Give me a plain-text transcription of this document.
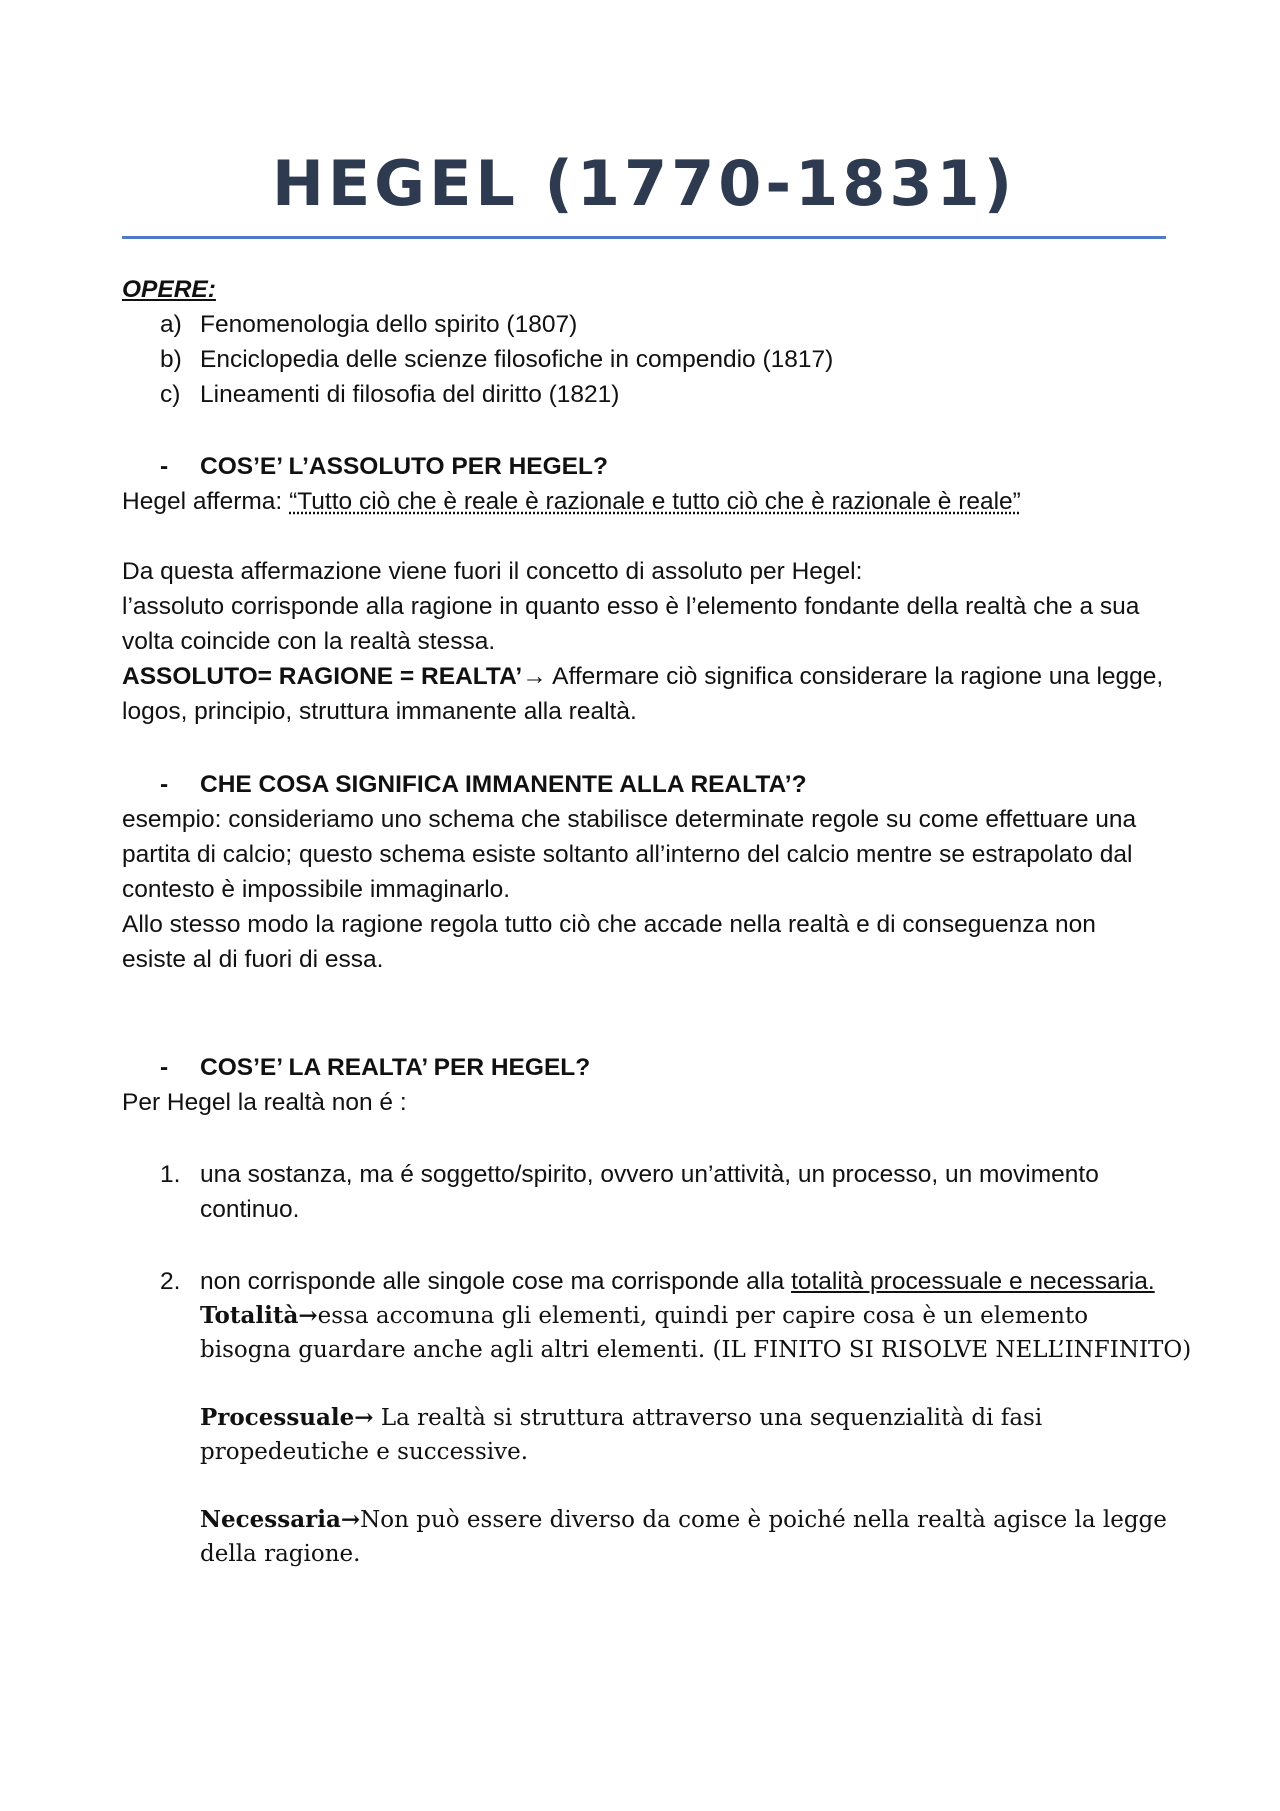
HEGEL (1770-1831)
OPERE:
a) Fenomenologia dello spirito (1807)
b) Enciclopedia delle scienze filosofiche in compendio (1817)
c) Lineamenti di filosofia del diritto (1821)
- COS’E’ L’ASSOLUTO PER HEGEL?
Hegel afferma: “Tutto ciò che è reale è razionale e tutto ciò che è razionale è reale”
Da questa affermazione viene fuori il concetto di assoluto per Hegel:
l’assoluto corrisponde alla ragione in quanto esso è l’elemento fondante della realtà che a sua
volta coincide con la realtà stessa.
ASSOLUTO= RAGIONE = REALTA’→ Affermare ciò significa considerare la ragione una legge,
logos, principio, struttura immanente alla realtà.
- CHE COSA SIGNIFICA IMMANENTE ALLA REALTA’?
esempio: consideriamo uno schema che stabilisce determinate regole su come effettuare una
partita di calcio; questo schema esiste soltanto all’interno del calcio mentre se estrapolato dal
contesto è impossibile immaginarlo.
Allo stesso modo la ragione regola tutto ciò che accade nella realtà e di conseguenza non
esiste al di fuori di essa.
- COS’E’ LA REALTA’ PER HEGEL?
Per Hegel la realtà non é :
1. una sostanza, ma é soggetto/spirito, ovvero un’attività, un processo, un movimento
continuo.
2. non corrisponde alle singole cose ma corrisponde alla totalità processuale e necessaria.
Totalità→essa accomuna gli elementi, quindi per capire cosa è un elemento
bisogna guardare anche agli altri elementi. (IL FINITO SI RISOLVE NELL’INFINITO)
Processuale→ La realtà si struttura attraverso una sequenzialità di fasi
propedeutiche e successive.
Necessaria→Non può essere diverso da come è poiché nella realtà agisce la legge
della ragione.
